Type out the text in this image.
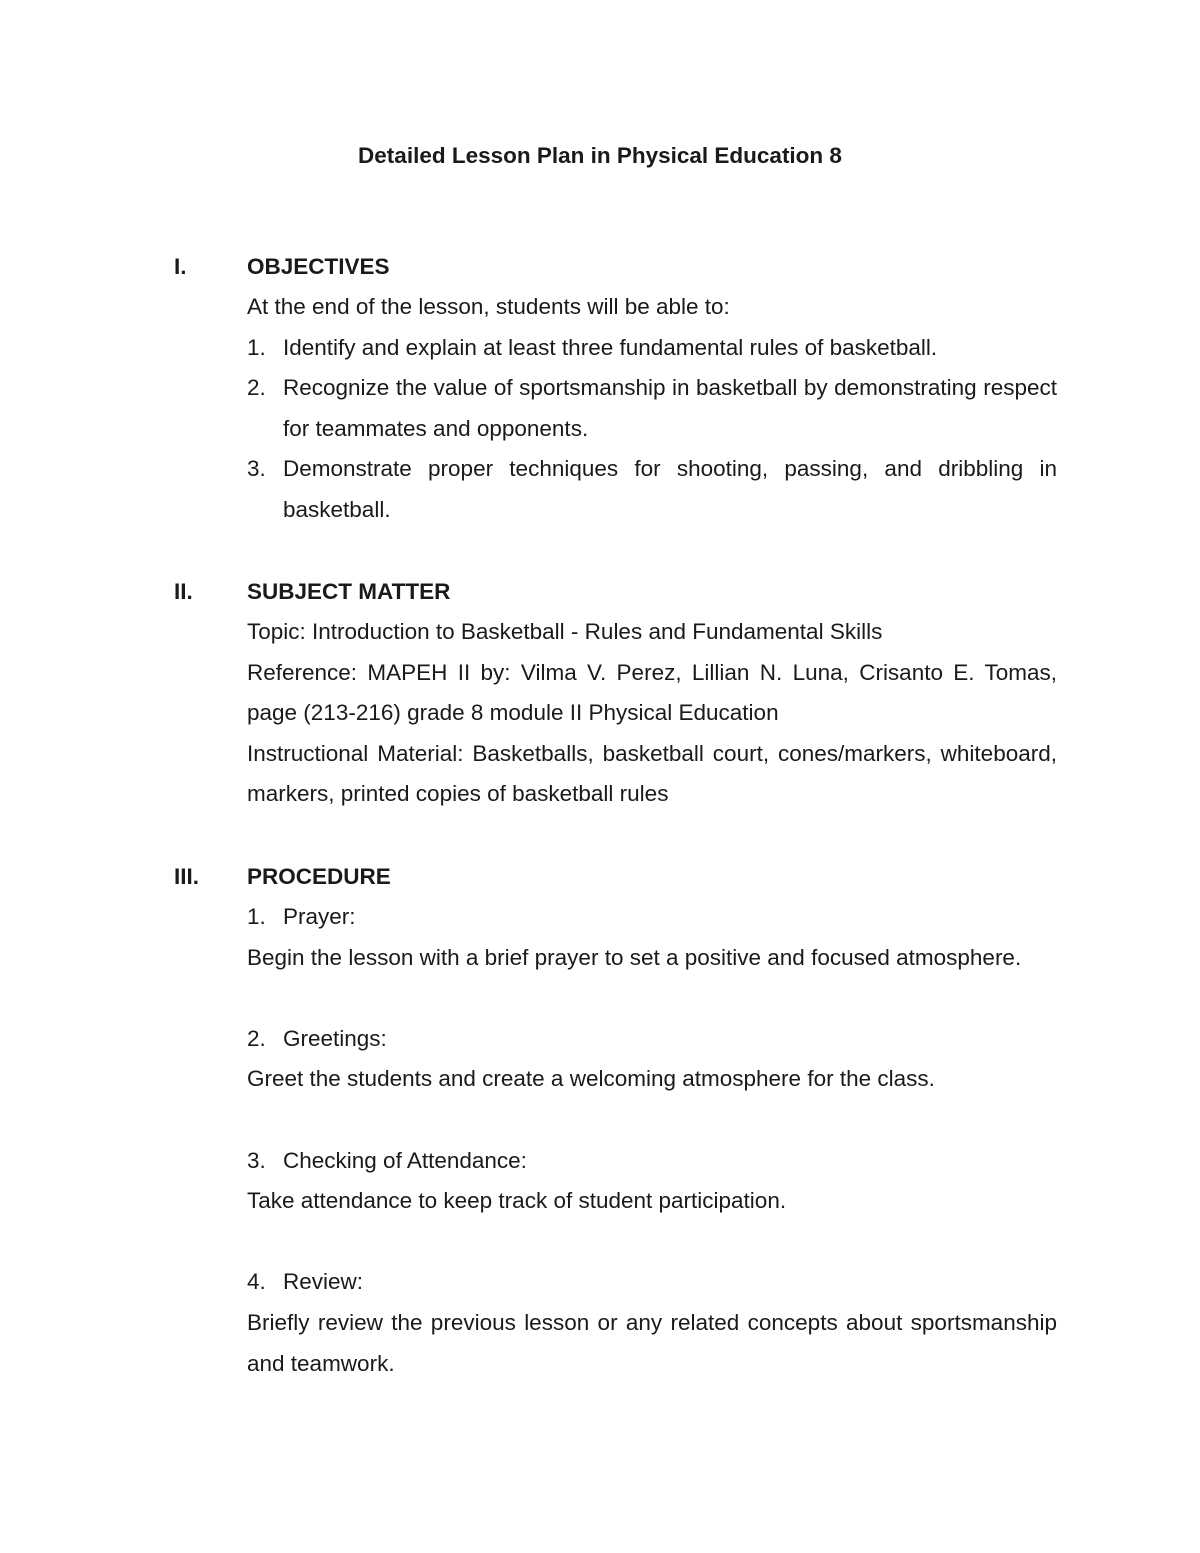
Detailed Lesson Plan in Physical Education 8
I.	OBJECTIVES

At the end of the lesson, students will be able to:

1. Identify and explain at least three fundamental rules of basketball.
2. Recognize the value of sportsmanship in basketball by demonstrating respect for teammates and opponents.
3. Demonstrate proper techniques for shooting, passing, and dribbling in basketball.
II. SUBJECT MATTER

Topic: Introduction to Basketball - Rules and Fundamental Skills

Reference: MAPEH II by: Vilma V. Perez, Lillian N. Luna, Crisanto E. Tomas, page (213-216) grade 8 module II Physical Education

Instructional Material: Basketballs, basketball court, cones/markers, whiteboard, markers, printed copies of basketball rules

III. PROCEDURE
1. Prayer:

Begin the lesson with a brief prayer to set a positive and focused atmosphere.

2. Greetings:

Greet the students and create a welcoming atmosphere for the class.

3. Checking of Attendance:

Take attendance to keep track of student participation.

4. Review:

Briefly review the previous lesson or any related concepts about sportsmanship and teamwork.
